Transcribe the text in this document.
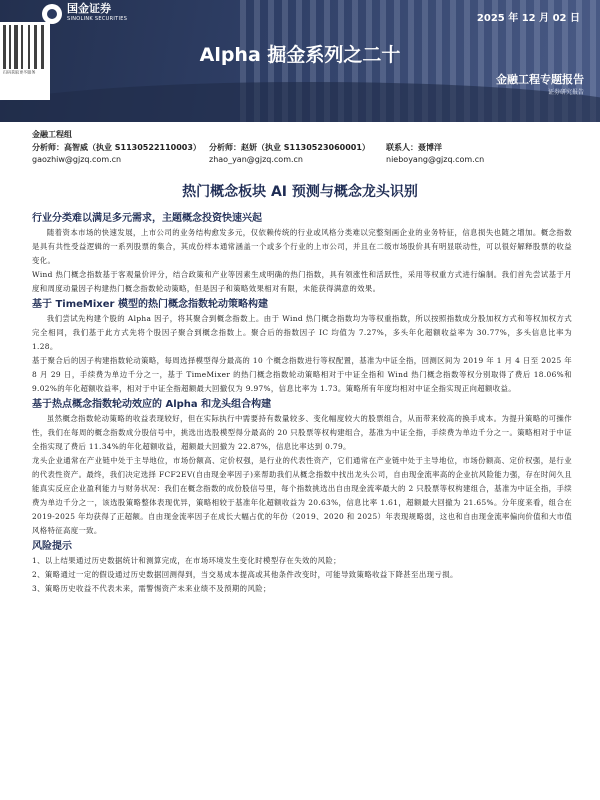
国金证券
SINOLINK SECURITIES	2025 年 12 月 02 日
扫码获取更多服务
Alpha 掘金系列之二十
金融工程专题报告
证券研究报告
金融工程组
分析师：高智威（执业 S1130522110003） 分析师：赵妍（执业 S1130523060001） 联系人：聂博洋
gaozhiw@gjzq.com.cn	zhao_yan@gjzq.com.cn	nieboyang@gjzq.com.cn
热门概念板块 AI 预测与概念龙头识别
行业分类难以满足多元需求，主题概念投资快速兴起

随着资本市场的快速发展，上市公司的业务结构愈发多元，仅依赖传统的行业或风格分类难以完整刻画企业的业务特征，信息损失也随之增加。概念指数是具有共性受益逻辑的一系列股票的集合，其成份样本通常涵盖一个或多个行业的上市公司，并且在二级市场股价具有明显联动性，可以很好解释股票的收益变化。

Wind 热门概念指数基于客观量价评分，结合政策和产业等因素生成明确的热门指数，具有领涨性和活跃性，采用等权重方式进行编制。我们首先尝试基于月度和周度动量因子构建热门概念指数轮动策略，但是因子和策略效果相对有限，未能获得满意的效果。

基于 TimeMixer 模型的热门概念指数轮动策略构建

我们尝试先构建个股的 Alpha 因子，将其聚合到概念指数上。由于 Wind 热门概念指数均为等权重指数，所以按照指数成分股加权方式和等权加权方式完全相同，我们基于此方式先将个股因子聚合到概念指数上。聚合后的指数因子 IC 均值为 7.27%，多头年化超额收益率为 30.77%，多头信息比率为 1.28。

基于聚合后的因子构建指数轮动策略，每周选择模型得分最高的 10 个概念指数进行等权配置，基准为中证全指，回测区间为 2019 年 1 月 4 日至 2025 年 8 月 29 日，手续费为单边千分之一，基于 TimeMixer 的热门概念指数轮动策略相对于中证全指和 Wind 热门概念指数等权分别取得了费后 18.06%和 9.02%的年化超额收益率，相对于中证全指超额最大回撤仅为 9.97%，信息比率为 1.73。策略所有年度均相对中证全指实现正向超额收益。

基于热点概念指数轮动效应的 Alpha 和龙头组合构建

虽然概念指数轮动策略的收益表现较好，但在实际执行中需要持有数量较多、变化幅度较大的股票组合，从而带来较高的换手成本。为提升策略的可操作性，我们在每周的概念指数成分股信号中，挑选出选股模型得分最高的 20 只股票等权构建组合，基准为中证全指，手续费为单边千分之一。策略相对于中证全指实现了费后 11.34%的年化超额收益，超额最大回撤为 22.87%，信息比率达到 0.79。

龙头企业通常在产业链中处于主导地位，市场份额高、定价权强，是行业的代表性资产，它们通常在产业链中处于主导地位，市场份额高、定价权强，是行业的代表性资产。最终，我们决定选择 FCF2EV(自由现金率因子)来帮助我们从概念指数中找出龙头公司，自由现金流率高的企业抗风险能力强，存在时间久且能真实反应企业盈利能力与财务状况：我们在概念指数的成份股信号里，每个指数挑选出自由现金流率最大的 2 只股票等权构建组合，基准为中证全指，手续费为单边千分之一，该选股策略整体表现优异，策略相较于基准年化超额收益为 20.63%，信息比率 1.61，超额最大回撤为 21.65%。分年度来看，组合在 2019-2025 年均获得了正超额。自由现金流率因子在成长大幅占优的年份（2019、2020 和 2025）年表现规略弱，这也和自由现金流率偏向价值和大市值风格特征高度一致。

风险提示

1、以上结果通过历史数据统计和测算完成，在市场环境发生变化时模型存在失效的风险；

2、策略通过一定的假设通过历史数据回测得到，当交易成本提高或其他条件改变时，可能导致策略收益下降甚至出现亏损。

3、策略历史收益不代表未来，需警惕资产未来业绩不及预期的风险；
